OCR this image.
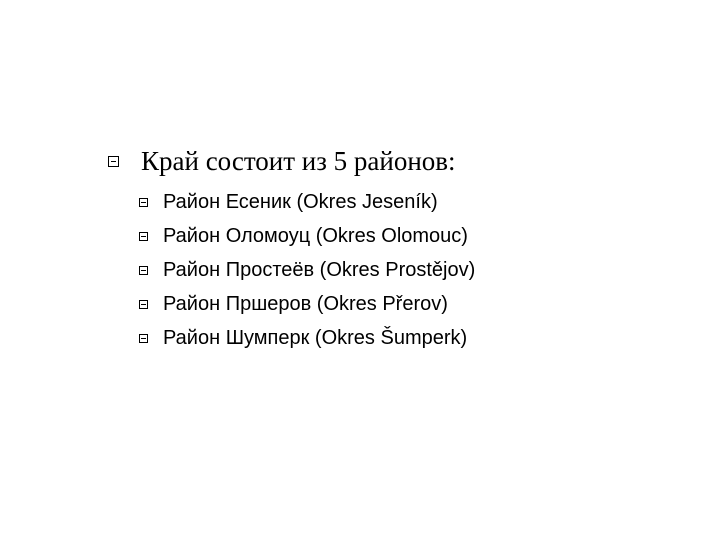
Край состоит из 5 районов:
Район Есеник (Okres Jeseník)
Район Оломоуц (Okres Olomouc)
Район Простеёв (Okres Prostějov)
Район Пршеров (Okres Přerov)
Район Шумперк (Okres Šumperk)
